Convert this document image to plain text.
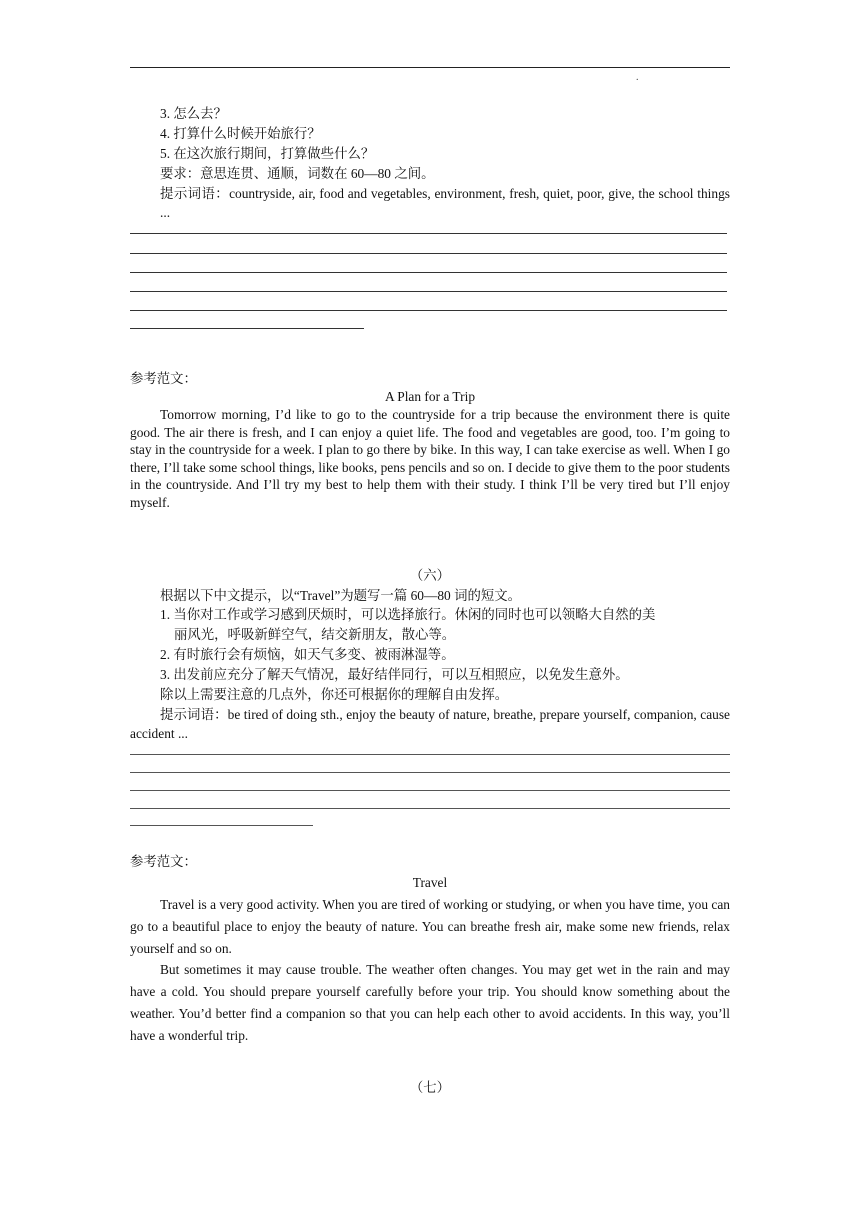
.
3. 怎么去？
4. 打算什么时候开始旅行？
5. 在这次旅行期间，打算做些什么？
要求：意思连贯、通顺，词数在 60—80 之间。
提示词语：countryside, air, food and vegetables, environment, fresh, quiet, poor, give, the school things ...
参考范文：
A Plan for a Trip
Tomorrow morning, I’d like to go to the countryside for a trip because the environment there is quite good. The air there is fresh, and I can enjoy a quiet life. The food and vegetables are good, too. I’m going to stay in the countryside for a week. I plan to go there by bike. In this way, I can take exercise as well. When I go there, I’ll take some school things, like books, pens pencils and so on. I decide to give them to the poor students in the countryside. And I’ll try my best to help them with their study. I think I’ll be very tired but I’ll enjoy myself.
（六）
根据以下中文提示，以“Travel”为题写一篇 60—80 词的短文。
1. 当你对工作或学习感到厌烦时，可以选择旅行。休闲的同时也可以领略大自然的美
丽风光，呼吸新鲜空气，结交新朋友，散心等。
2. 有时旅行会有烦恼，如天气多变、被雨淋湿等。
3. 出发前应充分了解天气情况，最好结伴同行，可以互相照应，以免发生意外。
除以上需要注意的几点外，你还可根据你的理解自由发挥。
提示词语：be tired of doing sth., enjoy the beauty of nature, breathe, prepare yourself, companion, cause accident ...
参考范文：
Travel
Travel is a very good activity. When you are tired of working or studying, or when you have time, you can go to a beautiful place to enjoy the beauty of nature. You can breathe fresh air, make some new friends, relax yourself and so on.
But sometimes it may cause trouble. The weather often changes. You may get wet in the rain and may have a cold. You should prepare yourself carefully before your trip. You should know something about the weather. You’d better find a companion so that you can help each other to avoid accidents. In this way, you’ll have a wonderful trip.
（七）
